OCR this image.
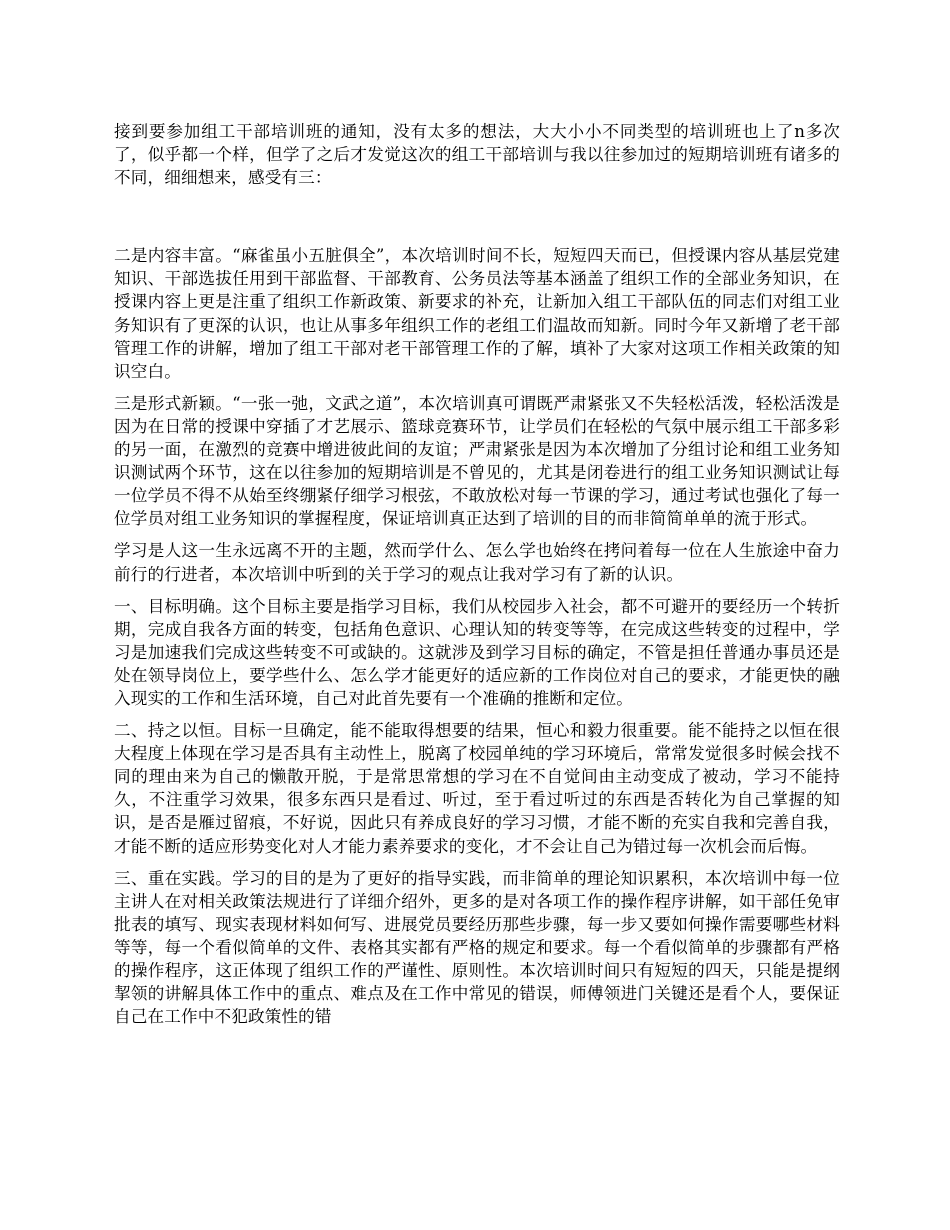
接到要参加组工干部培训班的通知，没有太多的想法，大大小小不同类型的培训班也上了n多次了，似乎都一个样，但学了之后才发觉这次的组工干部培训与我以往参加过的短期培训班有诸多的不同，细细想来，感受有三：

二是内容丰富。“麻雀虽小五脏俱全”，本次培训时间不长，短短四天而已，但授课内容从基层党建知识、干部选拔任用到干部监督、干部教育、公务员法等基本涵盖了组织工作的全部业务知识，在授课内容上更是注重了组织工作新政策、新要求的补充，让新加入组工干部队伍的同志们对组工业务知识有了更深的认识，也让从事多年组织工作的老组工们温故而知新。同时今年又新增了老干部管理工作的讲解，增加了组工干部对老干部管理工作的了解，填补了大家对这项工作相关政策的知识空白。

三是形式新颖。“一张一弛，文武之道”，本次培训真可谓既严肃紧张又不失轻松活泼，轻松活泼是因为在日常的授课中穿插了才艺展示、篮球竞赛环节，让学员们在轻松的气氛中展示组工干部多彩的另一面，在激烈的竞赛中增进彼此间的友谊；严肃紧张是因为本次增加了分组讨论和组工业务知识测试两个环节，这在以往参加的短期培训是不曾见的，尤其是闭卷进行的组工业务知识测试让每一位学员不得不从始至终绷紧仔细学习根弦，不敢放松对每一节课的学习，通过考试也强化了每一位学员对组工业务知识的掌握程度，保证培训真正达到了培训的目的而非简简单单的流于形式。

学习是人这一生永远离不开的主题，然而学什么、怎么学也始终在拷问着每一位在人生旅途中奋力前行的行进者，本次培训中听到的关于学习的观点让我对学习有了新的认识。

一、目标明确。这个目标主要是指学习目标，我们从校园步入社会，都不可避开的要经历一个转折期，完成自我各方面的转变，包括角色意识、心理认知的转变等等，在完成这些转变的过程中，学习是加速我们完成这些转变不可或缺的。这就涉及到学习目标的确定，不管是担任普通办事员还是处在领导岗位上，要学些什么、怎么学才能更好的适应新的工作岗位对自己的要求，才能更快的融入现实的工作和生活环境，自己对此首先要有一个准确的推断和定位。

二、持之以恒。目标一旦确定，能不能取得想要的结果，恒心和毅力很重要。能不能持之以恒在很大程度上体现在学习是否具有主动性上，脱离了校园单纯的学习环境后，常常发觉很多时候会找不同的理由来为自己的懒散开脱，于是常思常想的学习在不自觉间由主动变成了被动，学习不能持久，不注重学习效果，很多东西只是看过、听过，至于看过听过的东西是否转化为自己掌握的知识，是否是雁过留痕，不好说，因此只有养成良好的学习习惯，才能不断的充实自我和完善自我，才能不断的适应形势变化对人才能力素养要求的变化，才不会让自己为错过每一次机会而后悔。

三、重在实践。学习的目的是为了更好的指导实践，而非简单的理论知识累积，本次培训中每一位主讲人在对相关政策法规进行了详细介绍外，更多的是对各项工作的操作程序讲解，如干部任免审批表的填写、现实表现材料如何写、进展党员要经历那些步骤，每一步又要如何操作需要哪些材料等等，每一个看似简单的文件、表格其实都有严格的规定和要求。每一个看似简单的步骤都有严格的操作程序，这正体现了组织工作的严谨性、原则性。本次培训时间只有短短的四天，只能是提纲挈领的讲解具体工作中的重点、难点及在工作中常见的错误，师傅领进门关键还是看个人，要保证自己在工作中不犯政策性的错
